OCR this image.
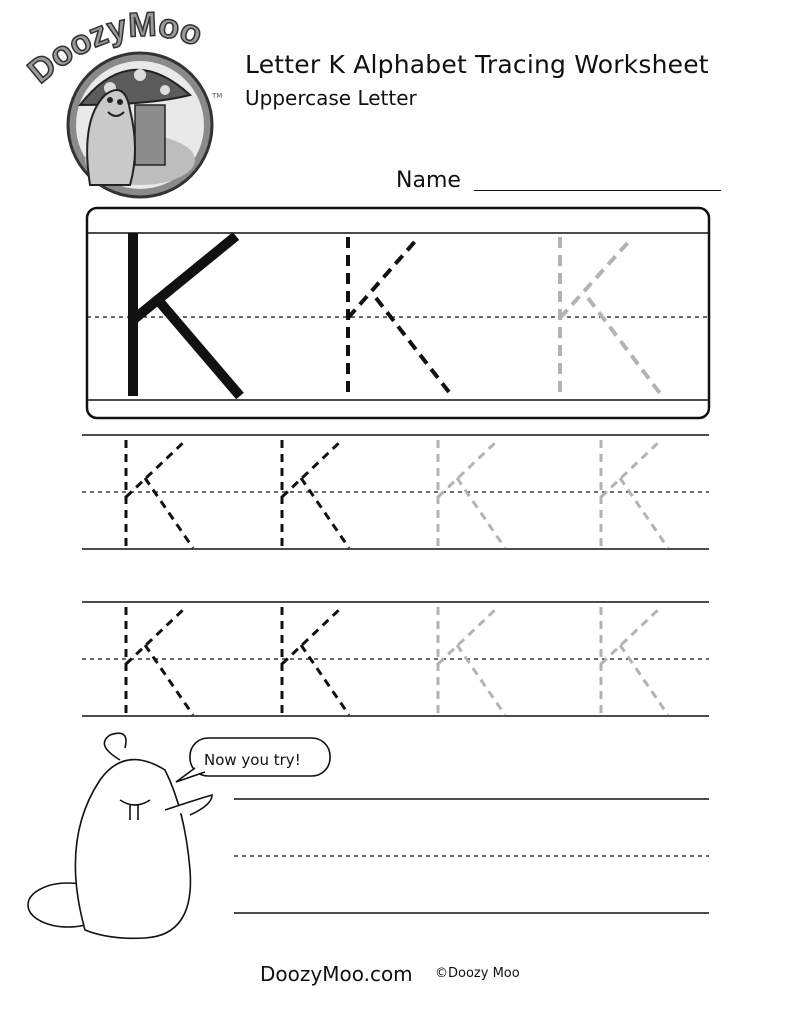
DoozyMoo
TM
Letter K Alphabet Tracing Worksheet
Uppercase Letter
Name
Now you try!
DoozyMoo.com ©Doozy Moo
